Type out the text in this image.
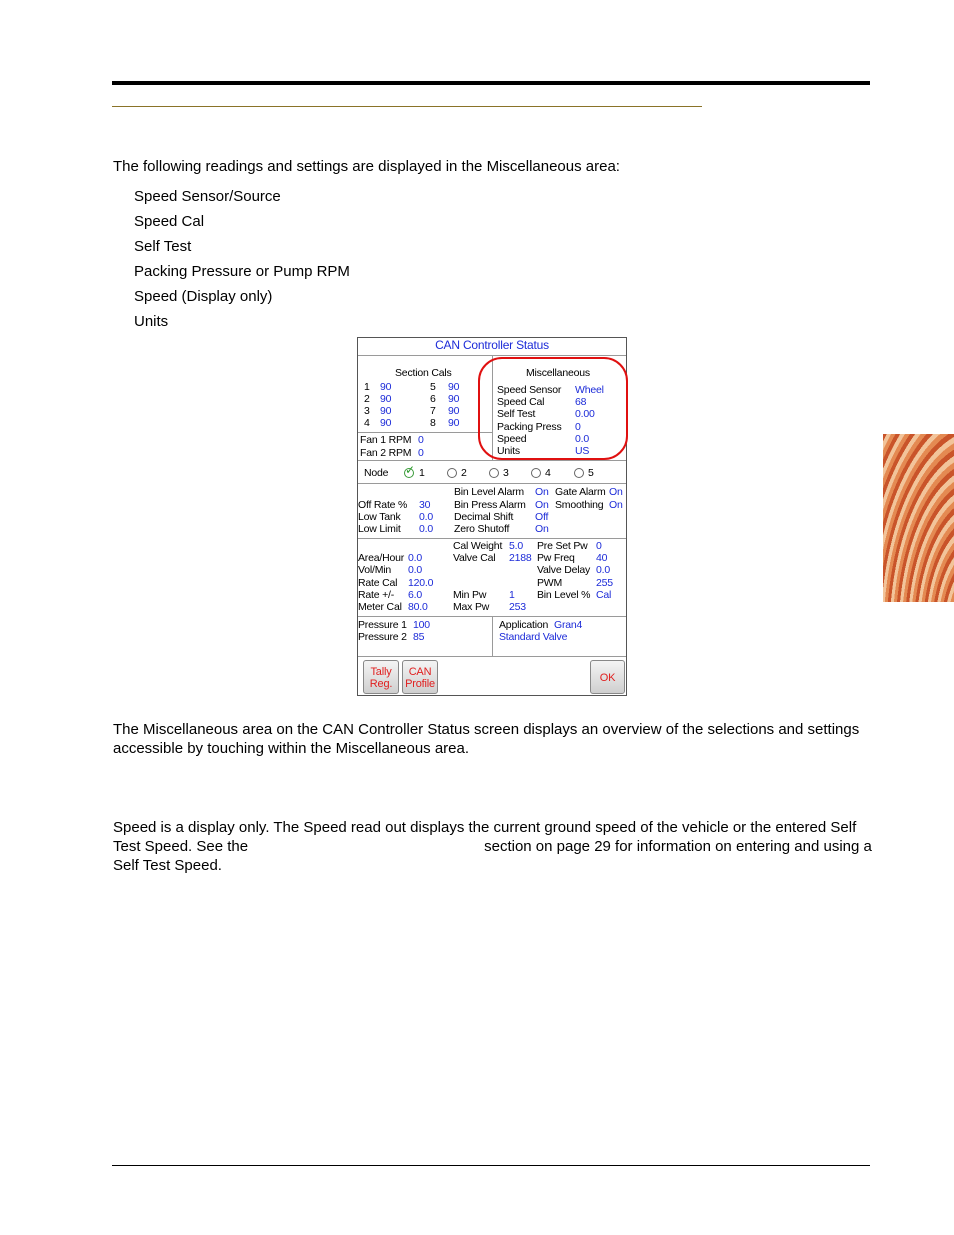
The following readings and settings are displayed in the Miscellaneous area:
Speed Sensor/Source
Speed Cal
Self Test
Packing Pressure or Pump RPM
Speed (Display only)
Units
CAN Controller Status
Section Cals
1 90	5 90
2 90	6 90
3 90	7 90
4 90	8 90
Fan 1 RPM 0
Fan 2 RPM 0
Miscellaneous
Speed Sensor Wheel
Speed Cal	68
Self Test	0.00
Packing Press 0
Speed	0.0
Units	US
Node ✓ 1	2	3	4	5
Bin Level Alarm On Gate Alarm On
Off Rate % 30 Bin Press Alarm On Smoothing On
Low Tank 0.0 Decimal Shift Off
Low Limit 0.0 Zero Shutoff On
Cal Weight 5.0 Pre Set Pw 0
Area/Hour 0.0	Valve Cal 2188 Pw Freq 40
Vol/Min 0.0	Valve Delay 0.0
Rate Cal 120.0	PWM	255
Rate +/- 6.0	Min Pw 1 Bin Level % Cal
Meter Cal 80.0 Max Pw 253
Pressure 1 100
Pressure 2 85
Application Gran4
Standard Valve
Tally
Reg.
CAN
Profile	OK
The Miscellaneous area on the CAN Controller Status screen displays an overview of the selections and settings accessible by touching within the Miscellaneous area.
Speed is a display only. The Speed read out displays the current ground speed of the vehicle or the entered Self Test Speed. See the	section on page 29 for information on entering and using a Self Test Speed.
